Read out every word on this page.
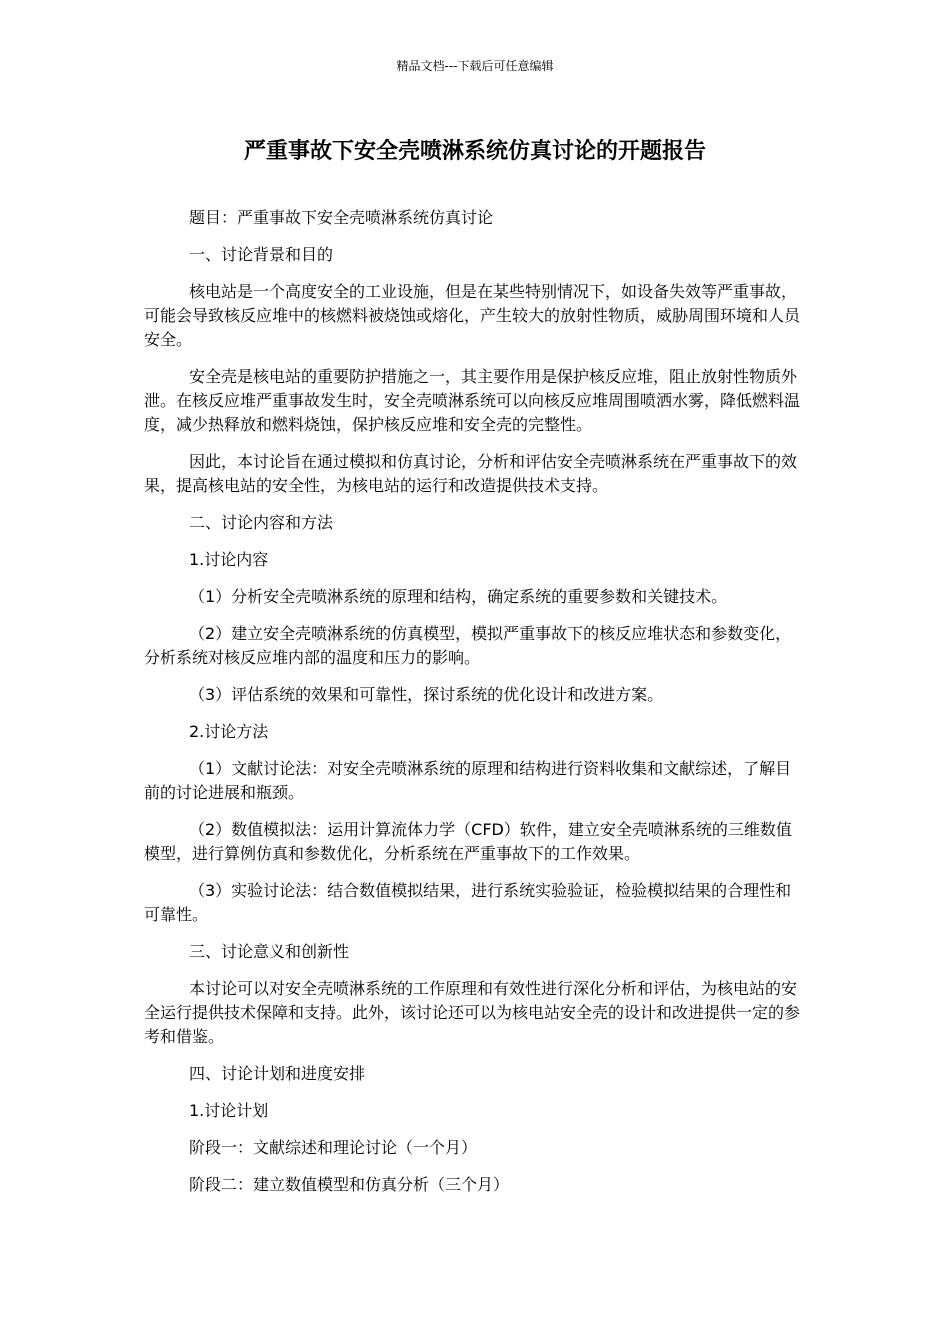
精品文档---下载后可任意编辑
严重事故下安全壳喷淋系统仿真讨论的开题报告

题目：严重事故下安全壳喷淋系统仿真讨论

一、讨论背景和目的

核电站是一个高度安全的工业设施，但是在某些特别情况下，如设备失效等严重事故，可能会导致核反应堆中的核燃料被烧蚀或熔化，产生较大的放射性物质，威胁周围环境和人员安全。

安全壳是核电站的重要防护措施之一，其主要作用是保护核反应堆，阻止放射性物质外泄。在核反应堆严重事故发生时，安全壳喷淋系统可以向核反应堆周围喷洒水雾，降低燃料温度，减少热释放和燃料烧蚀，保护核反应堆和安全壳的完整性。

因此，本讨论旨在通过模拟和仿真讨论，分析和评估安全壳喷淋系统在严重事故下的效果，提高核电站的安全性，为核电站的运行和改造提供技术支持。

二、讨论内容和方法

1.讨论内容

（1）分析安全壳喷淋系统的原理和结构，确定系统的重要参数和关键技术。

（2）建立安全壳喷淋系统的仿真模型，模拟严重事故下的核反应堆状态和参数变化，分析系统对核反应堆内部的温度和压力的影响。

（3）评估系统的效果和可靠性，探讨系统的优化设计和改进方案。

2.讨论方法

（1）文献讨论法：对安全壳喷淋系统的原理和结构进行资料收集和文献综述，了解目前的讨论进展和瓶颈。

（2）数值模拟法：运用计算流体力学（CFD）软件，建立安全壳喷淋系统的三维数值模型，进行算例仿真和参数优化，分析系统在严重事故下的工作效果。

（3）实验讨论法：结合数值模拟结果，进行系统实验验证，检验模拟结果的合理性和可靠性。

三、讨论意义和创新性

本讨论可以对安全壳喷淋系统的工作原理和有效性进行深化分析和评估，为核电站的安全运行提供技术保障和支持。此外，该讨论还可以为核电站安全壳的设计和改进提供一定的参考和借鉴。

四、讨论计划和进度安排

1.讨论计划

阶段一：文献综述和理论讨论（一个月）

阶段二：建立数值模型和仿真分析（三个月）
